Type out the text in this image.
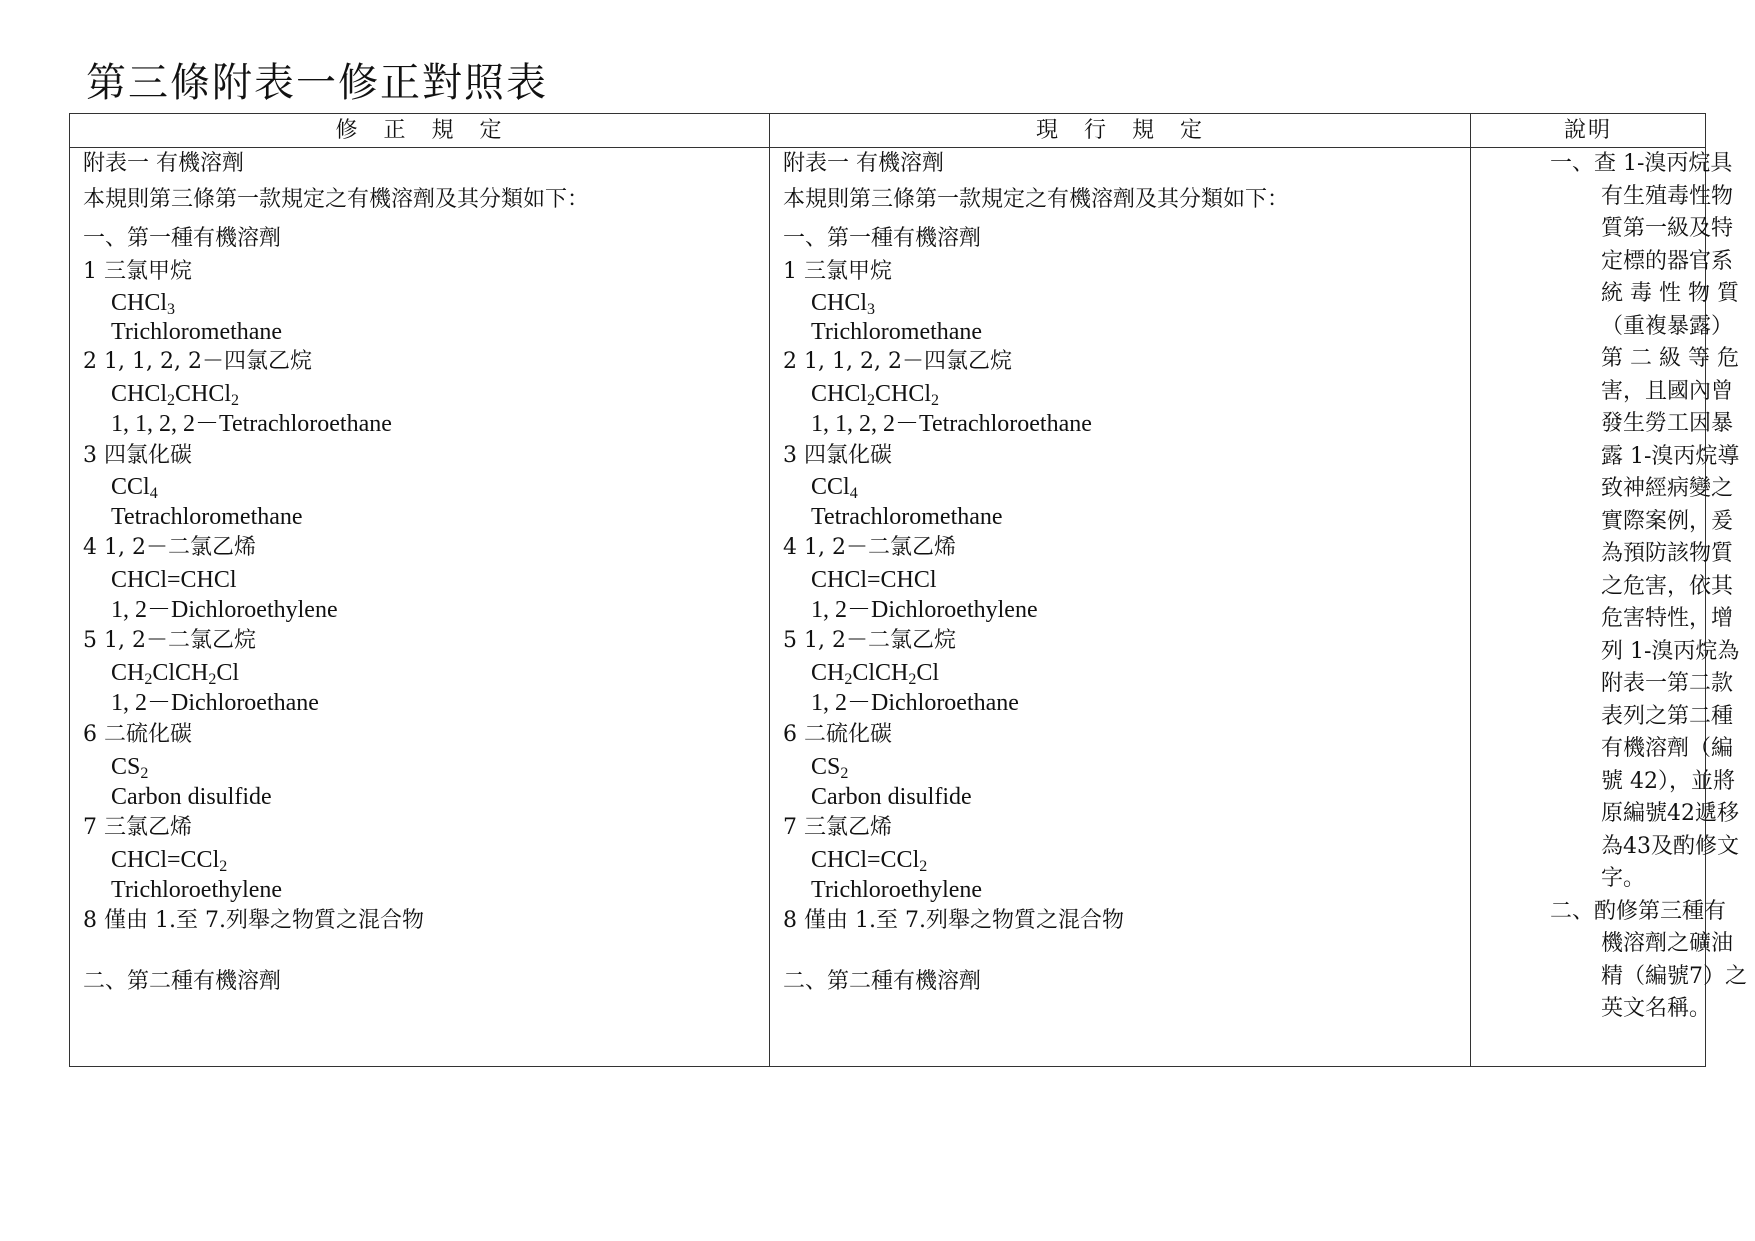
第三條附表一修正對照表
修　正　規　定	現　行　規　定	說明
附表一 有機溶劑
本規則第三條第一款規定之有機溶劑及其分類如下：
一、第一種有機溶劑
1 三氯甲烷
CHCl$_3$
Trichloromethane
2 1, 1, 2, 2－四氯乙烷
CHCl$_2$CHCl$_2$
1, 1, 2, 2－Tetrachloroethane
3 四氯化碳
CCl$_4$
Tetrachloromethane
4 1, 2－二氯乙烯
CHCl=CHCl
1, 2－Dichloroethylene
5 1, 2－二氯乙烷
$CH_2ClCH_2Cl$
1, 2－Dichloroethane
6 二硫化碳
$CS_2$
Carbon disulfide
7 三氯乙烯
CHCl=CCl$_2$
Trichloroethylene
8 僅由 1.至 7.列舉之物質之混合物
二、第二種有機溶劑
附表一 有機溶劑
本規則第三條第一款規定之有機溶劑及其分類如下：
一、第一種有機溶劑
1 三氯甲烷
CHCl$_3$
Trichloromethane
2 1, 1, 2, 2－四氯乙烷
CHCl$_2$CHCl$_2$
1, 1, 2, 2－Tetrachloroethane
3 四氯化碳
CCl$_4$
Tetrachloromethane
4 1, 2－二氯乙烯
CHCl=CHCl
1, 2－Dichloroethylene
5 1, 2－二氯乙烷
$CH_2ClCH_2Cl$
1, 2－Dichloroethane
6 二硫化碳
$CS_2$
Carbon disulfide
7 三氯乙烯
CHCl=CCl$_2$
Trichloroethylene
8 僅由 1.至 7.列舉之物質之混合物
二、第二種有機溶劑
一、查 1-溴丙烷具
有生殖毒性物
質第一級及特
定標的器官系
統 毒 性 物 質
（重複暴露）
第 二 級 等 危
害，且國內曾
發生勞工因暴
露 1-溴丙烷導
致神經病變之
實際案例，爰
為預防該物質
之危害，依其
危害特性，增
列 1-溴丙烷為
附表一第二款
表列之第二種
有機溶劑（編
號 42），並將
原編號42遞移
為43及酌修文
字。
二、酌修第三種有
機溶劑之礦油
精（編號7）之
英文名稱。
